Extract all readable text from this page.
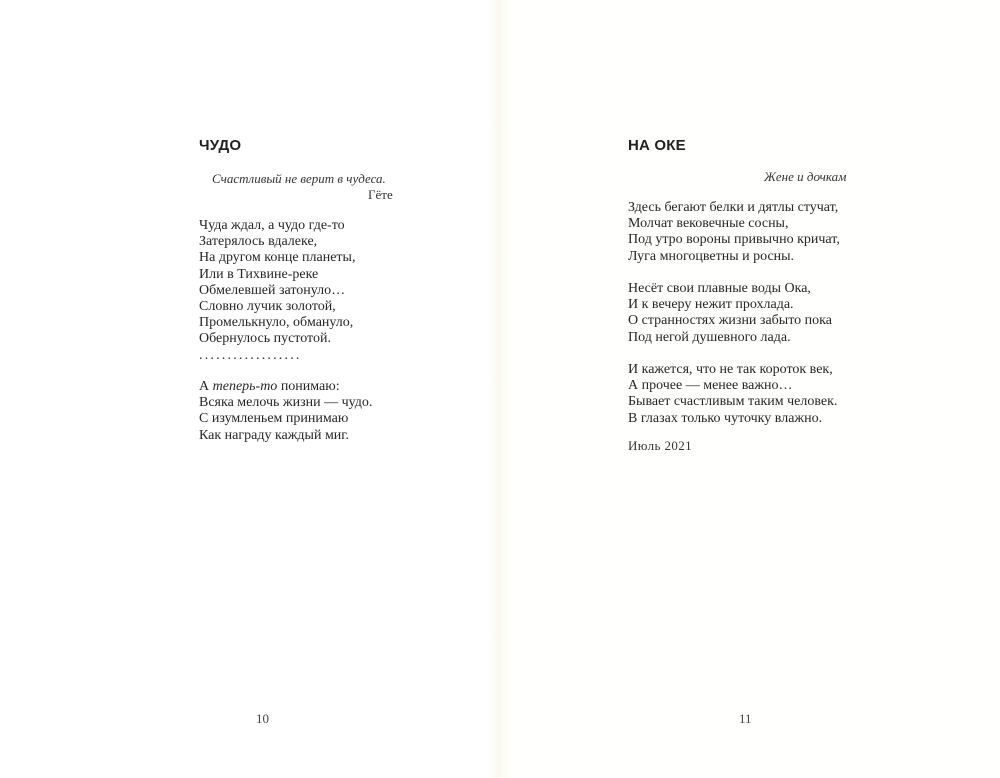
ЧУДО
Счастливый не верит в чудеса.
Гёте
Чуда ждал, а чудо где-то
Затерялось вдалеке,
На другом конце планеты,
Или в Тихвине-реке
Обмелевшей затонуло…
Словно лучик золотой,
Промелькнуло, обмануло,
Обернулось пустотой.
..................
А теперь-то понимаю:
Всяка мелочь жизни — чудо.
С изумленьем принимаю
Как награду каждый миг.
10
НА ОКЕ
Жене и дочкам
Здесь бегают белки и дятлы стучат,
Молчат вековечные сосны,
Под утро вороны привычно кричат,
Луга многоцветны и росны.
Несёт свои плавные воды Ока,
И к вечеру нежит прохлада.
О странностях жизни забыто пока
Под негой душевного лада.
И кажется, что не так короток век,
А прочее — менее важно…
Бывает счастливым таким человек.
В глазах только чуточку влажно.
Июль 2021
11
